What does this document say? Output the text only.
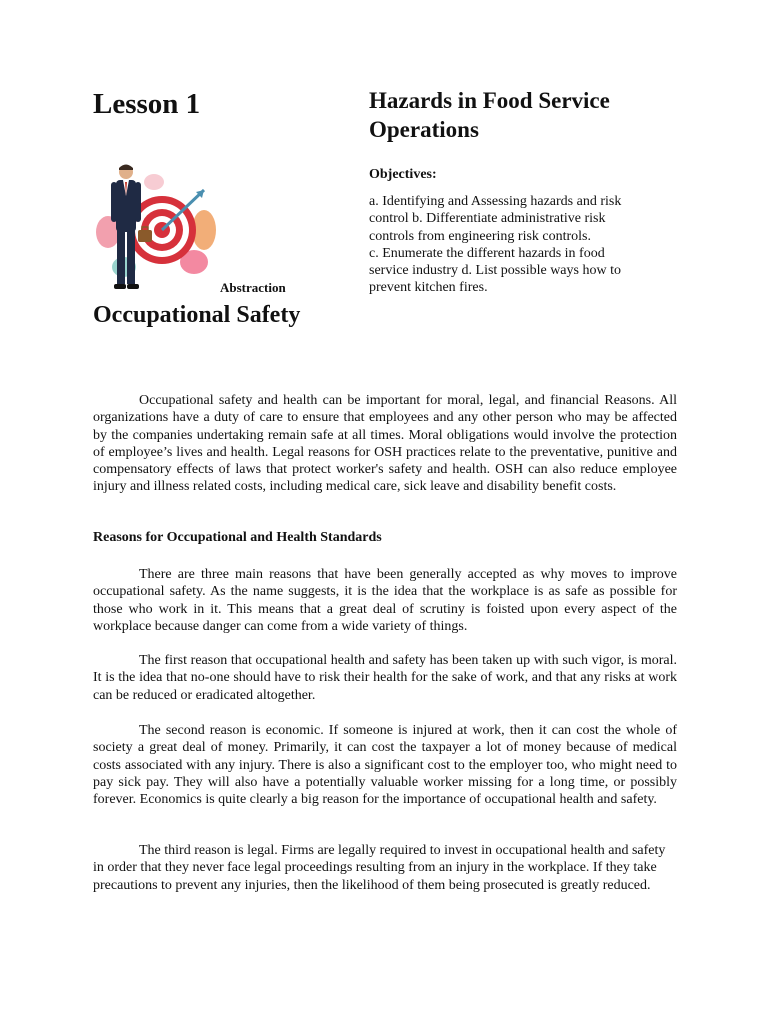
Lesson 1	Hazards in Food Service
Operations
Objectives:

a. Identifying and Assessing hazards and risk control b. Differentiate administrative risk controls from engineering risk controls.

c. Enumerate the different hazards in food service industry d. List possible ways how to prevent kitchen fires.

Abstraction
Occupational Safety

Occupational safety and health can be important for moral, legal, and financial Reasons. All organizations have a duty of care to ensure that employees and any other person who may be affected by the companies undertaking remain safe at all times. Moral obligations would involve the protection of employee’s lives and health. Legal reasons for OSH practices relate to the preventative, punitive and compensatory effects of laws that protect worker's safety and health. OSH can also reduce employee injury and illness related costs, including medical care, sick leave and disability benefit costs.

Reasons for Occupational and Health Standards

There are three main reasons that have been generally accepted as why moves to improve occupational safety. As the name suggests, it is the idea that the workplace is as safe as possible for those who work in it. This means that a great deal of scrutiny is foisted upon every aspect of the workplace because danger can come from a wide variety of things.

The first reason that occupational health and safety has been taken up with such vigor, is moral. It is the idea that no-one should have to risk their health for the sake of work, and that any risks at work can be reduced or eradicated altogether.

The second reason is economic. If someone is injured at work, then it can cost the whole of society a great deal of money. Primarily, it can cost the taxpayer a lot of money because of medical costs associated with any injury. There is also a significant cost to the employer too, who might need to pay sick pay. They will also have a potentially valuable worker missing for a long time, or possibly forever. Economics is quite clearly a big reason for the importance of occupational health and safety.

The third reason is legal. Firms are legally required to invest in occupational health and safety in order that they never face legal proceedings resulting from an injury in the workplace. If they take precautions to prevent any injuries, then the likelihood of them being prosecuted is greatly reduced.
